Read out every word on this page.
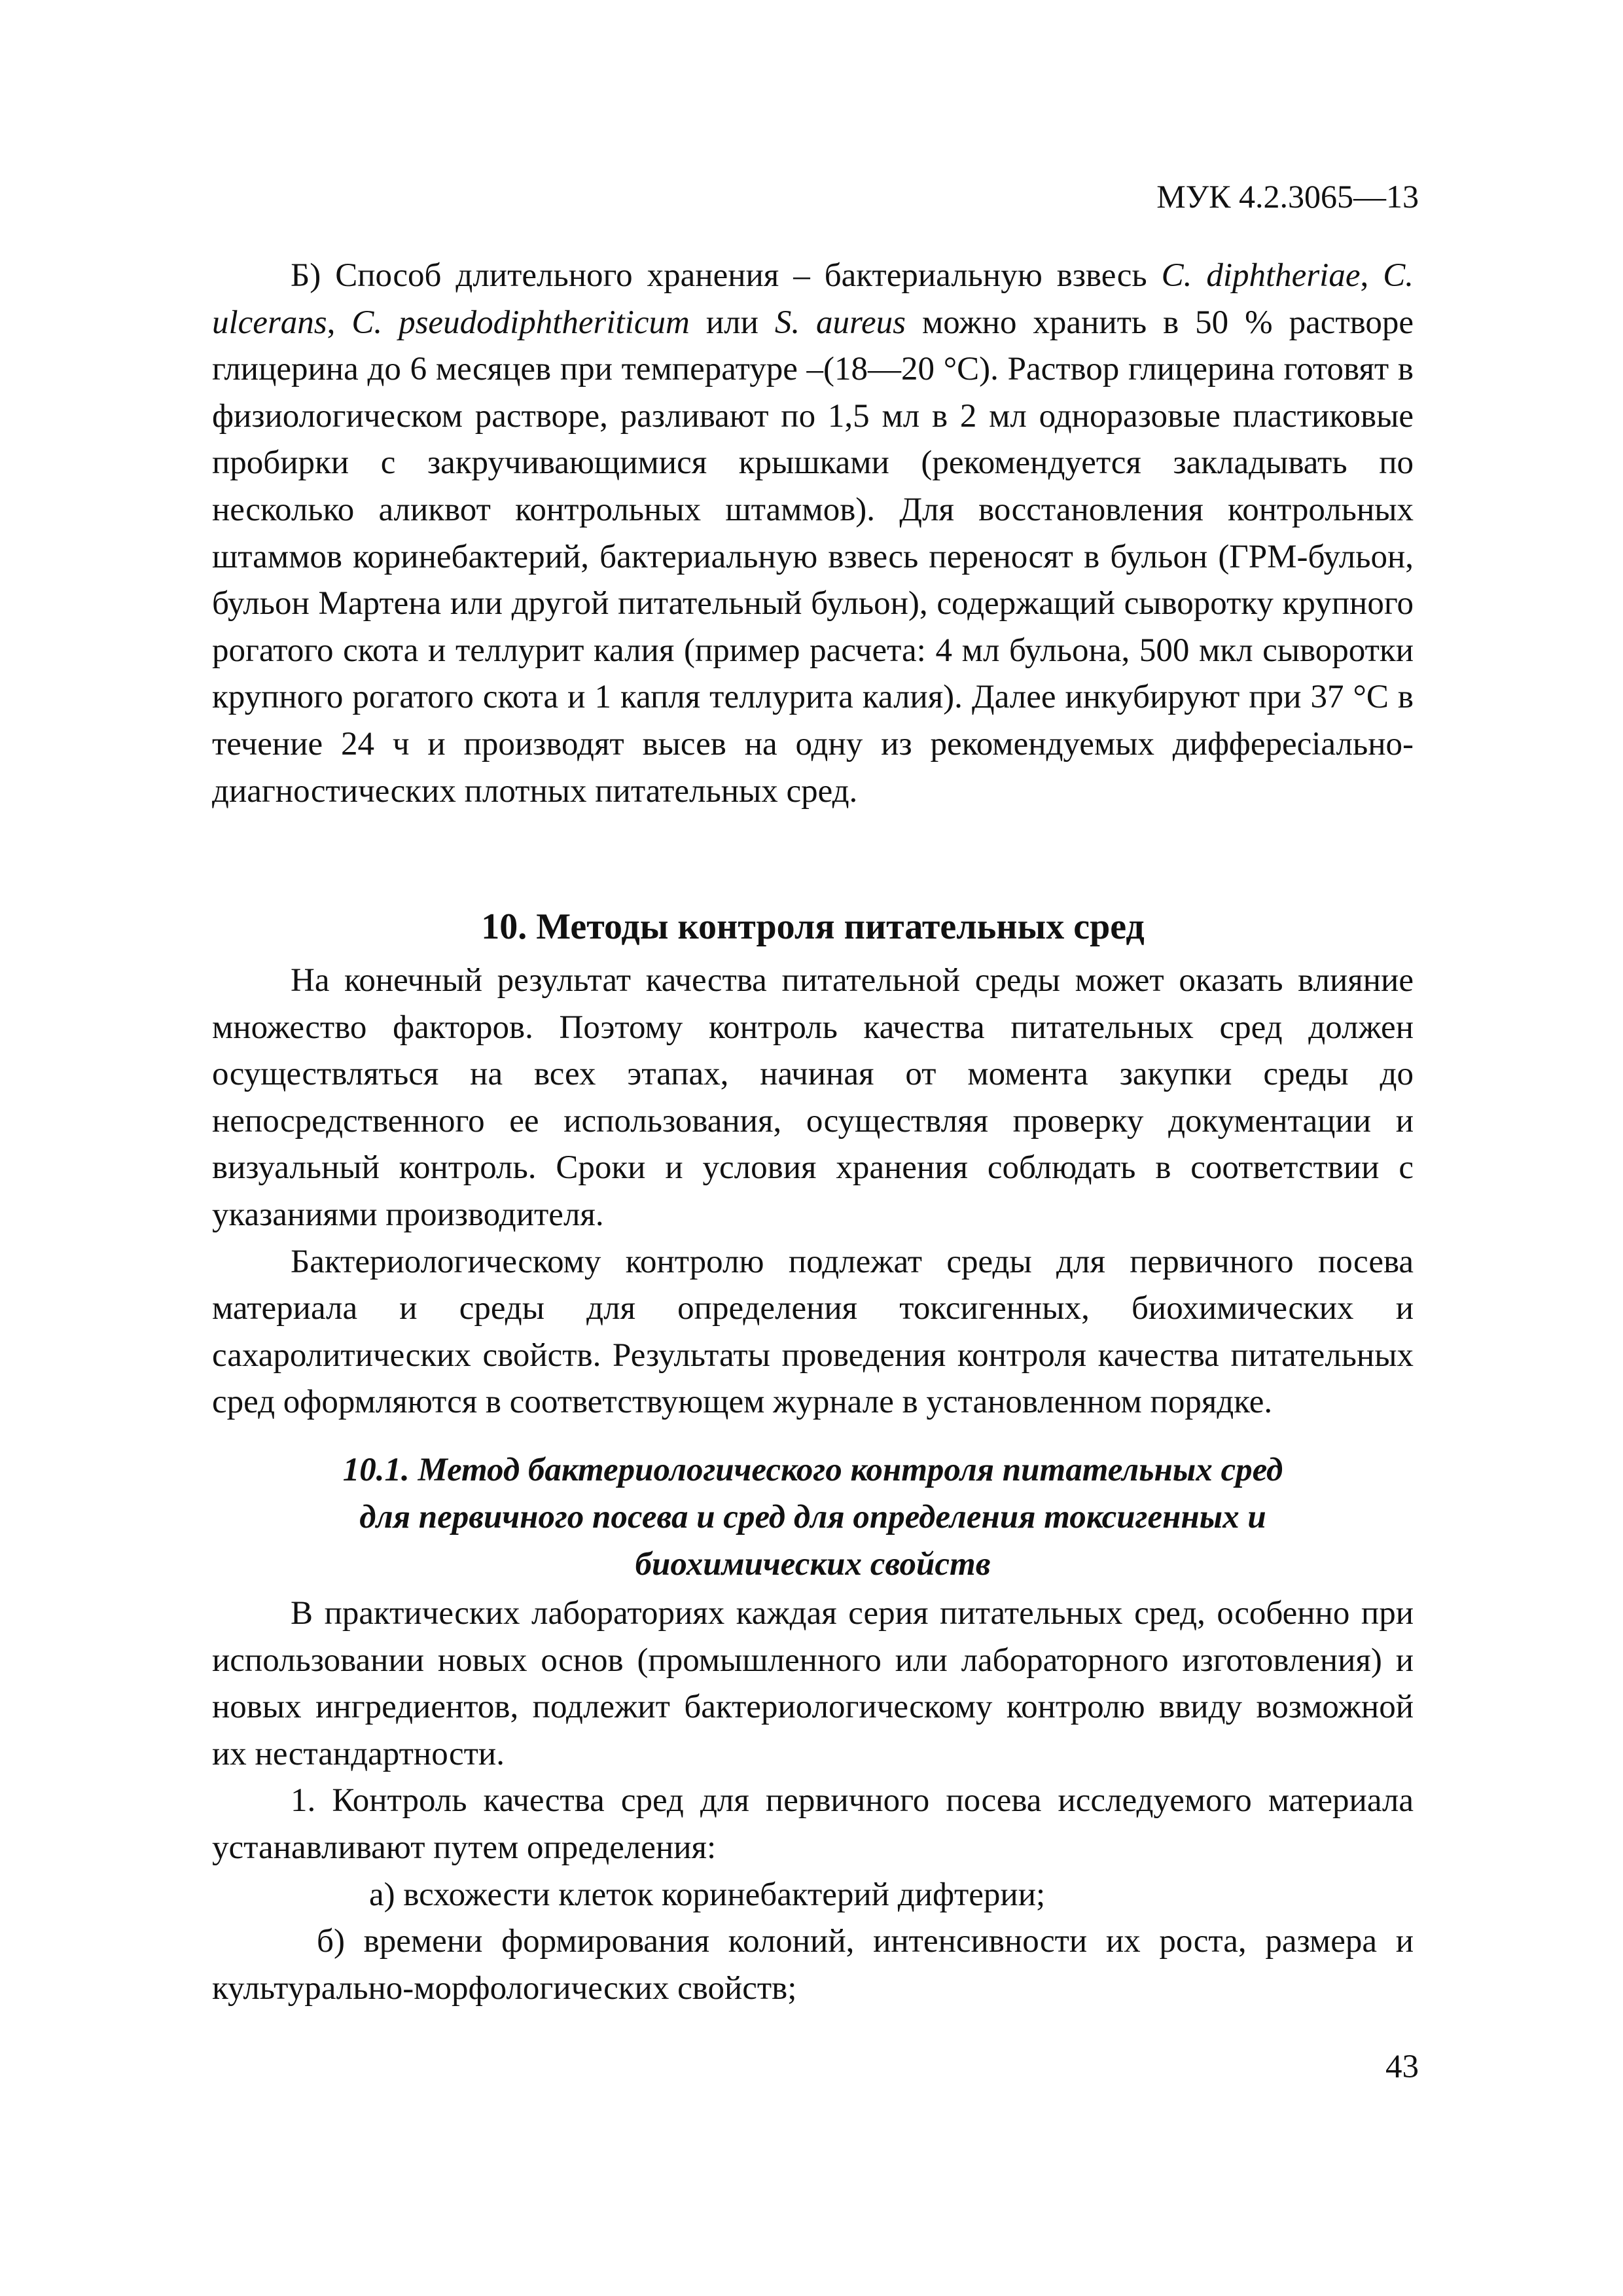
МУК 4.2.3065—13

Б) Способ длительного хранения – бактериальную взвесь C. diphtheriae, C. ulcerans, C. pseudodiphtheriticum или S. aureus можно хранить в 50 % растворе глицерина до 6 месяцев при температуре –(18—20 °С). Раствор глицерина готовят в физиологическом растворе, разливают по 1,5 мл в 2 мл одноразовые пластиковые пробирки с закручивающимися крышками (рекомендуется закладывать по несколько аликвот контрольных штаммов). Для восстановления контрольных штаммов коринебактерий, бактериальную взвесь переносят в бульон (ГРМ-бульон, бульон Мартена или другой питательный бульон), содержащий сыворотку крупного рогатого скота и теллурит калия (пример расчета: 4 мл бульона, 500 мкл сыворотки крупного рогатого скота и 1 капля теллурита калия). Далее инкубируют при 37 °С в течение 24 ч и производят высев на одну из рекомендуемых диффереciально-диагностических плотных питательных сред.

10. Методы контроля питательных сред

На конечный результат качества питательной среды может оказать влияние множество факторов. Поэтому контроль качества питательных сред должен осуществляться на всех этапах, начиная от момента закупки среды до непосредственного ее использования, осуществляя проверку документации и визуальный контроль. Сроки и условия хранения соблюдать в соответствии с указаниями производителя.

Бактериологическому контролю подлежат среды для первичного посева материала и среды для определения токсигенных, биохимических и сахаролитических свойств. Результаты проведения контроля качества питательных сред оформляются в соответствующем журнале в установленном порядке.

10.1. Метод бактериологического контроля питательных сред
для первичного посева и сред для определения токсигенных и
биохимических свойств

В практических лабораториях каждая серия питательных сред, особенно при использовании новых основ (промышленного или лабораторного изготовления) и новых ингредиентов, подлежит бактериологическому контролю ввиду возможной их нестандартности.

1. Контроль качества сред для первичного посева исследуемого материала устанавливают путем определения:

а) всхожести клеток коринебактерий дифтерии;

б) времени формирования колоний, интенсивности их роста, размера и культурально-морфологических свойств;

43
